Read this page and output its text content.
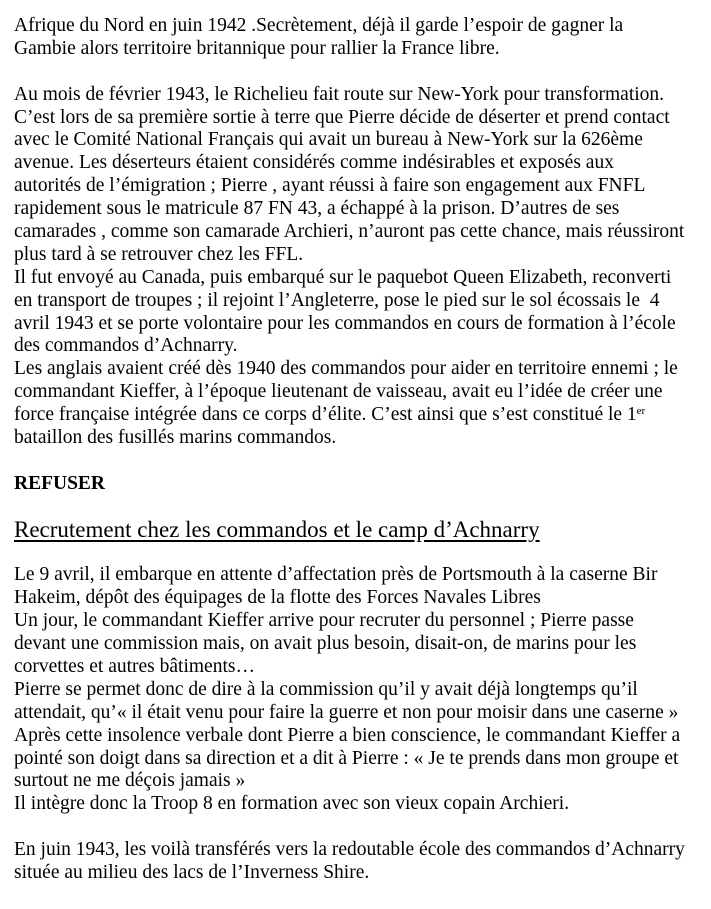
Afrique du Nord en juin 1942 .Secrètement, déjà il garde l’espoir de gagner la
Gambie alors territoire britannique pour rallier la France libre.
Au mois de février 1943, le Richelieu fait route sur New-York pour transformation.
C’est lors de sa première sortie à terre que Pierre décide de déserter et prend contact
avec le Comité National Français qui avait un bureau à New-York sur la 626ème
avenue. Les déserteurs étaient considérés comme indésirables et exposés aux
autorités de l’émigration ; Pierre , ayant réussi à faire son engagement aux FNFL
rapidement sous le matricule 87 FN 43, a échappé à la prison. D’autres de ses
camarades , comme son camarade Archieri, n’auront pas cette chance, mais réussiront
plus tard à se retrouver chez les FFL.
Il fut envoyé au Canada, puis embarqué sur le paquebot Queen Elizabeth, reconverti
en transport de troupes ; il rejoint l’Angleterre, pose le pied sur le sol écossais le  4
avril 1943 et se porte volontaire pour les commandos en cours de formation à l’école
des commandos d’Achnarry.
Les anglais avaient créé dès 1940 des commandos pour aider en territoire ennemi ; le
commandant Kieffer, à l’époque lieutenant de vaisseau, avait eu l’idée de créer une
force française intégrée dans ce corps d’élite. C’est ainsi que s’est constitué le 1er
bataillon des fusillés marins commandos.
REFUSER
Recrutement chez les commandos et le camp d’Achnarry
Le 9 avril, il embarque en attente d’affectation près de Portsmouth à la caserne Bir
Hakeim, dépôt des équipages de la flotte des Forces Navales Libres
Un jour, le commandant Kieffer arrive pour recruter du personnel ; Pierre passe
devant une commission mais, on avait plus besoin, disait-on, de marins pour les
corvettes et autres bâtiments…
Pierre se permet donc de dire à la commission qu’il y avait déjà longtemps qu’il
attendait, qu’« il était venu pour faire la guerre et non pour moisir dans une caserne »
Après cette insolence verbale dont Pierre a bien conscience, le commandant Kieffer a
pointé son doigt dans sa direction et a dit à Pierre : « Je te prends dans mon groupe et
surtout ne me déçois jamais »
Il intègre donc la Troop 8 en formation avec son vieux copain Archieri.
En juin 1943, les voilà transférés vers la redoutable école des commandos d’Achnarry
située au milieu des lacs de l’Inverness Shire.
